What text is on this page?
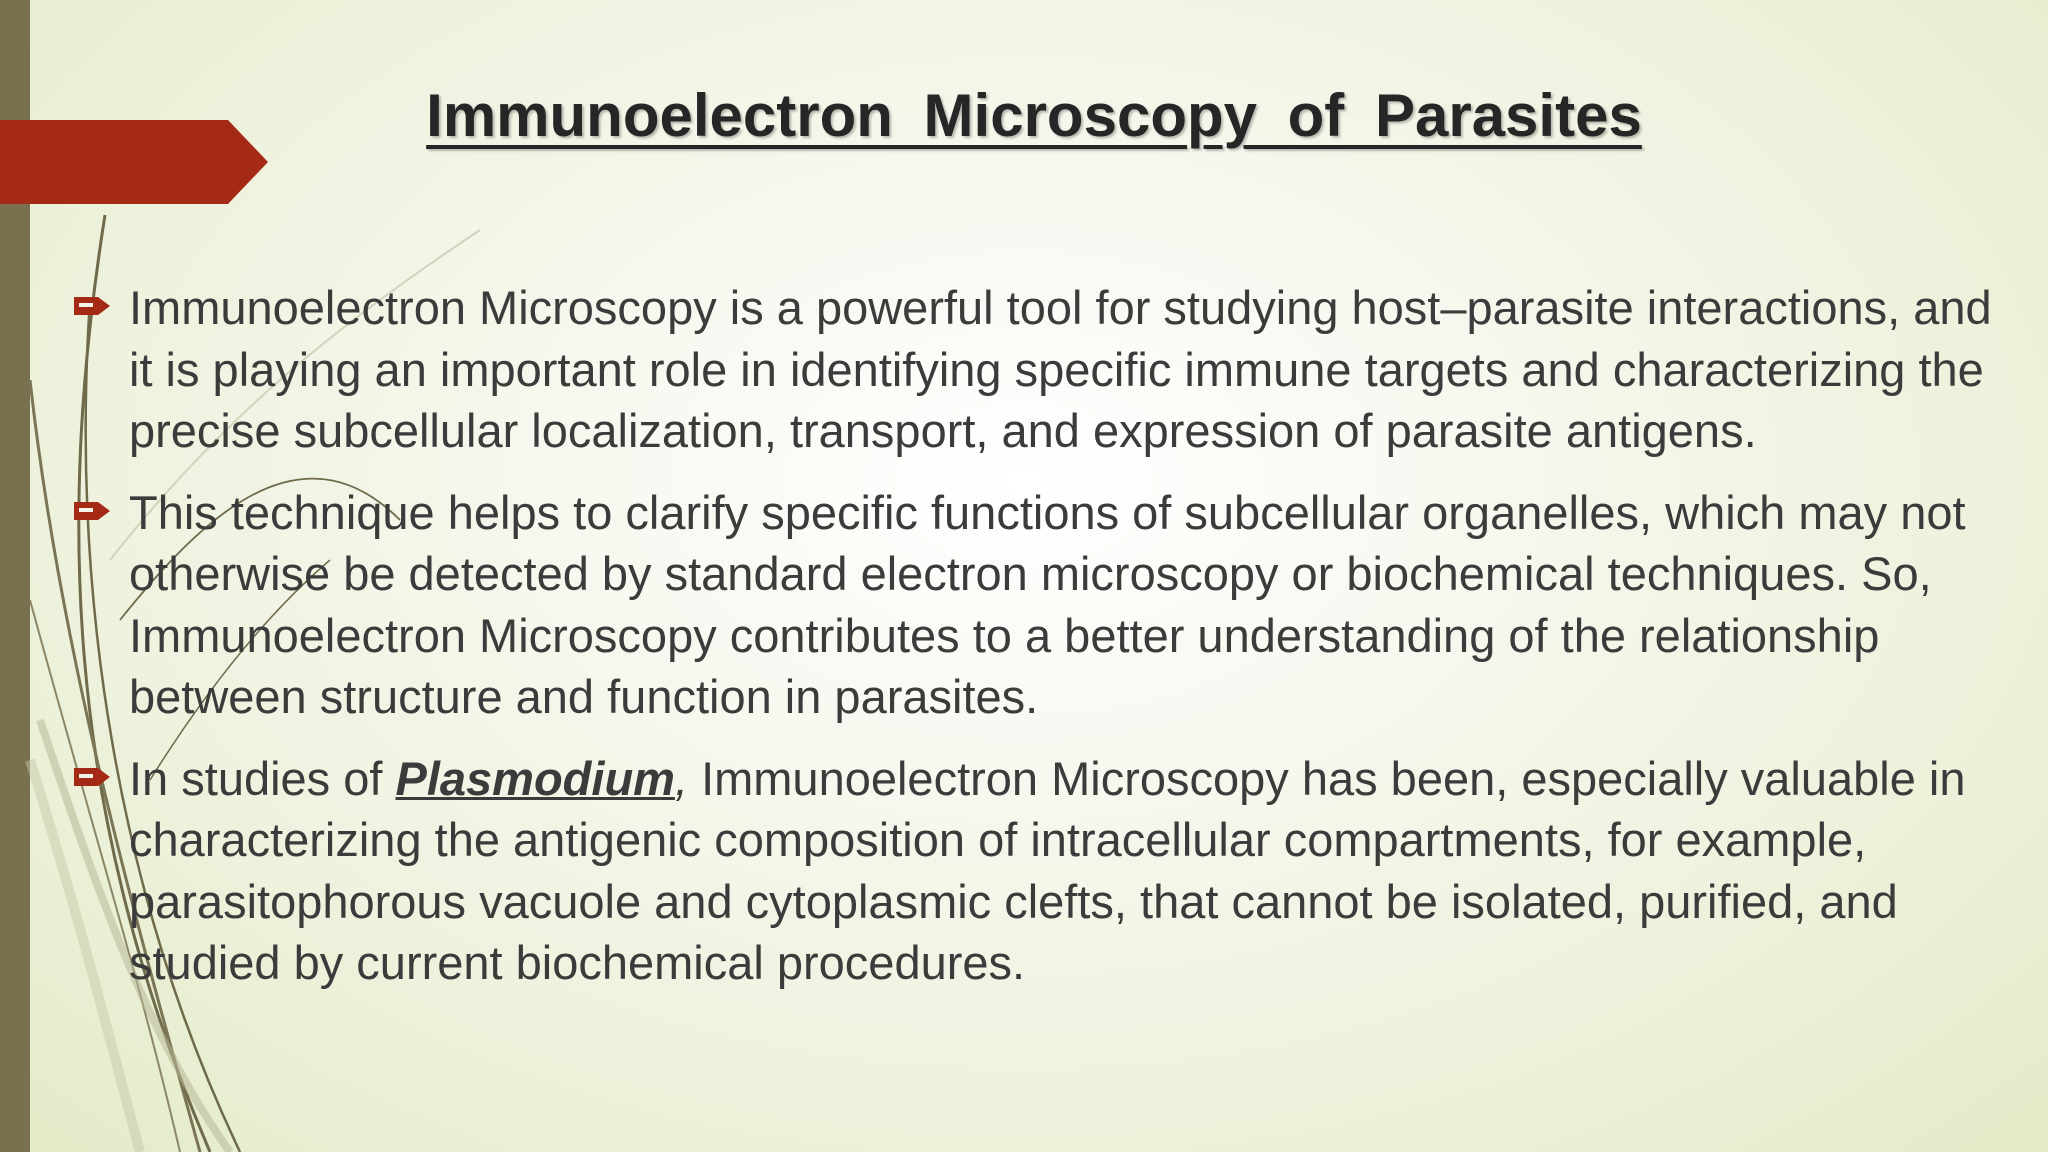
Immunoelectron Microscopy of Parasites
Immunoelectron Microscopy is a powerful tool for studying host–parasite interactions, and it is playing an important role in identifying specific immune targets and characterizing the precise subcellular localization, transport, and expression of parasite antigens.
This technique helps to clarify specific functions of subcellular organelles, which may not otherwise be detected by standard electron microscopy or biochemical techniques. So, Immunoelectron Microscopy contributes to a better understanding of the relationship between structure and function in parasites.
In studies of Plasmodium, Immunoelectron Microscopy has been, especially valuable in characterizing the antigenic composition of intracellular compartments, for example, parasitophorous vacuole and cytoplasmic clefts, that cannot be isolated, purified, and studied by current biochemical procedures.
